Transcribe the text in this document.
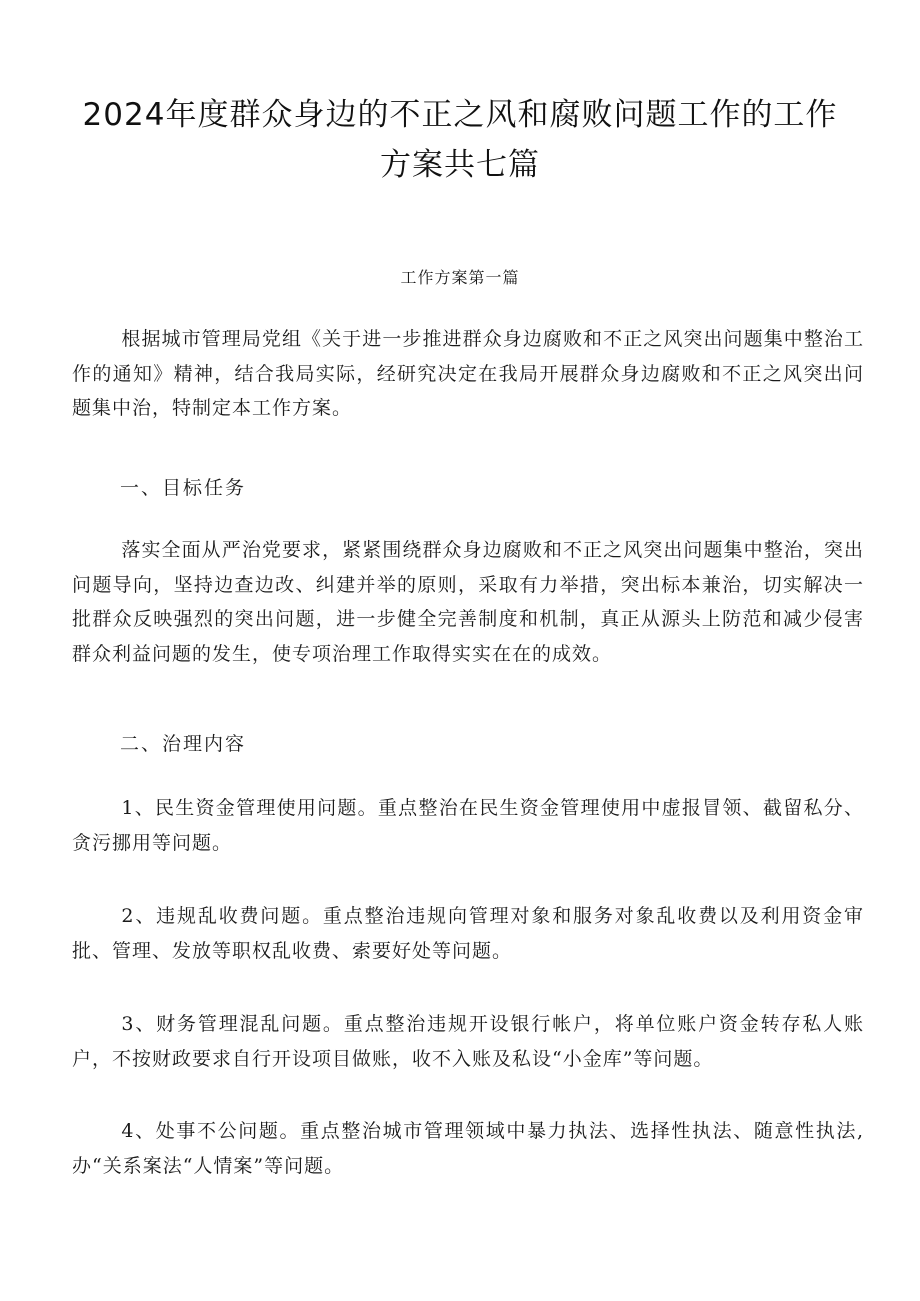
2024年度群众身边的不正之风和腐败问题工作的工作方案共七篇
工作方案第一篇

根据城市管理局党组《关于进一步推进群众身边腐败和不正之风突出问题集中整治工作的通知》精神，结合我局实际，经研究决定在我局开展群众身边腐败和不正之风突出问题集中治，特制定本工作方案。

一、目标任务

落实全面从严治党要求，紧紧围绕群众身边腐败和不正之风突出问题集中整治，突出问题导向，坚持边查边改、纠建并举的原则，采取有力举措，突出标本兼治，切实解决一批群众反映强烈的突出问题，进一步健全完善制度和机制，真正从源头上防范和减少侵害群众利益问题的发生，使专项治理工作取得实实在在的成效。

二、治理内容

1、民生资金管理使用问题。重点整治在民生资金管理使用中虚报冒领、截留私分、贪污挪用等问题。

2、违规乱收费问题。重点整治违规向管理对象和服务对象乱收费以及利用资金审批、管理、发放等职权乱收费、索要好处等问题。

3、财务管理混乱问题。重点整治违规开设银行帐户，将单位账户资金转存私人账户，不按财政要求自行开设项目做账，收不入账及私设“小金库”等问题。

4、处事不公问题。重点整治城市管理领域中暴力执法、选择性执法、随意性执法,办“关系案法“人情案”等问题。
